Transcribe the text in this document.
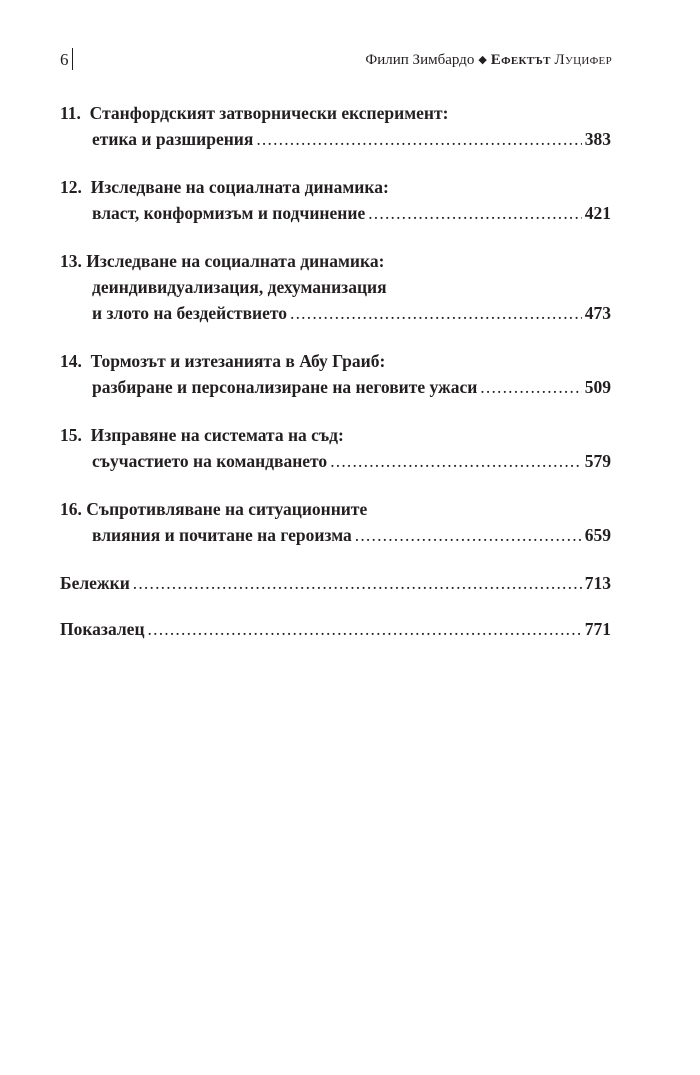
6	Филип Зимбардо ◆ Ефектът Луцифер
11. Станфордският затворнически експеримент:
етика и разширения .....	383
12. Изследване на социалната динамика:
власт, конформизъм и подчинение .....	421
13. Изследване на социалната динамика:
деиндивидуализация, дехуманизация
и злото на бездействието .....	473
14. Тормозът и изтезанията в Абу Граиб:
разбиране и персонализиране на неговите ужаси .....	509
15. Изправяне на системата на съд:
съучастието на командването .....	579
16. Съпротивляване на ситуационните
влияния и почитане на героизма .....	659
Бележки .....	713
Показалец .....	771
